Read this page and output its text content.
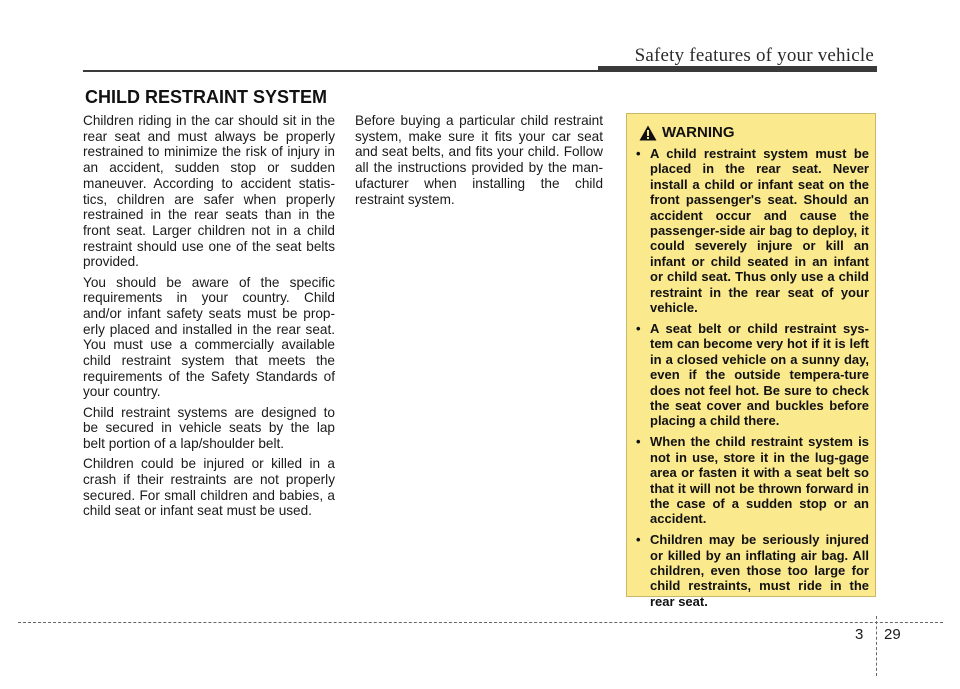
Safety features of your vehicle
CHILD RESTRAINT SYSTEM

Children riding in the car should sit in the rear seat and must always be properly restrained to minimize the risk of injury in an accident, sudden stop or sudden maneuver. According to accident statis-tics, children are safer when properly restrained in the rear seats than in the front seat. Larger children not in a child restraint should use one of the seat belts provided.

You should be aware of the specific requirements in your country. Child and/or infant safety seats must be prop-erly placed and installed in the rear seat. You must use a commercially available child restraint system that meets the requirements of the Safety Standards of your country.

Child restraint systems are designed to be secured in vehicle seats by the lap belt portion of a lap/shoulder belt.

Children could be injured or killed in a crash if their restraints are not properly secured. For small children and babies, a child seat or infant seat must be used.

Before buying a particular child restraint system, make sure it fits your car seat and seat belts, and fits your child. Follow all the instructions provided by the man-ufacturer when installing the child restraint system.

WARNING
• A child restraint system must be placed in the rear seat. Never install a child or infant seat on the front passenger's seat. Should an accident occur and cause the passenger-side air bag to deploy, it could severely injure or kill an infant or child seated in an infant or child seat. Thus only use a child restraint in the rear seat of your vehicle.
• A seat belt or child restraint sys-tem can become very hot if it is left in a closed vehicle on a sunny day, even if the outside tempera-ture does not feel hot. Be sure to check the seat cover and buckles before placing a child there.
• When the child restraint system is not in use, store it in the lug-gage area or fasten it with a seat belt so that it will not be thrown forward in the case of a sudden stop or an accident.
• Children may be seriously injured or killed by an inflating air bag. All children, even those too large for child restraints, must ride in the rear seat.
3 29
